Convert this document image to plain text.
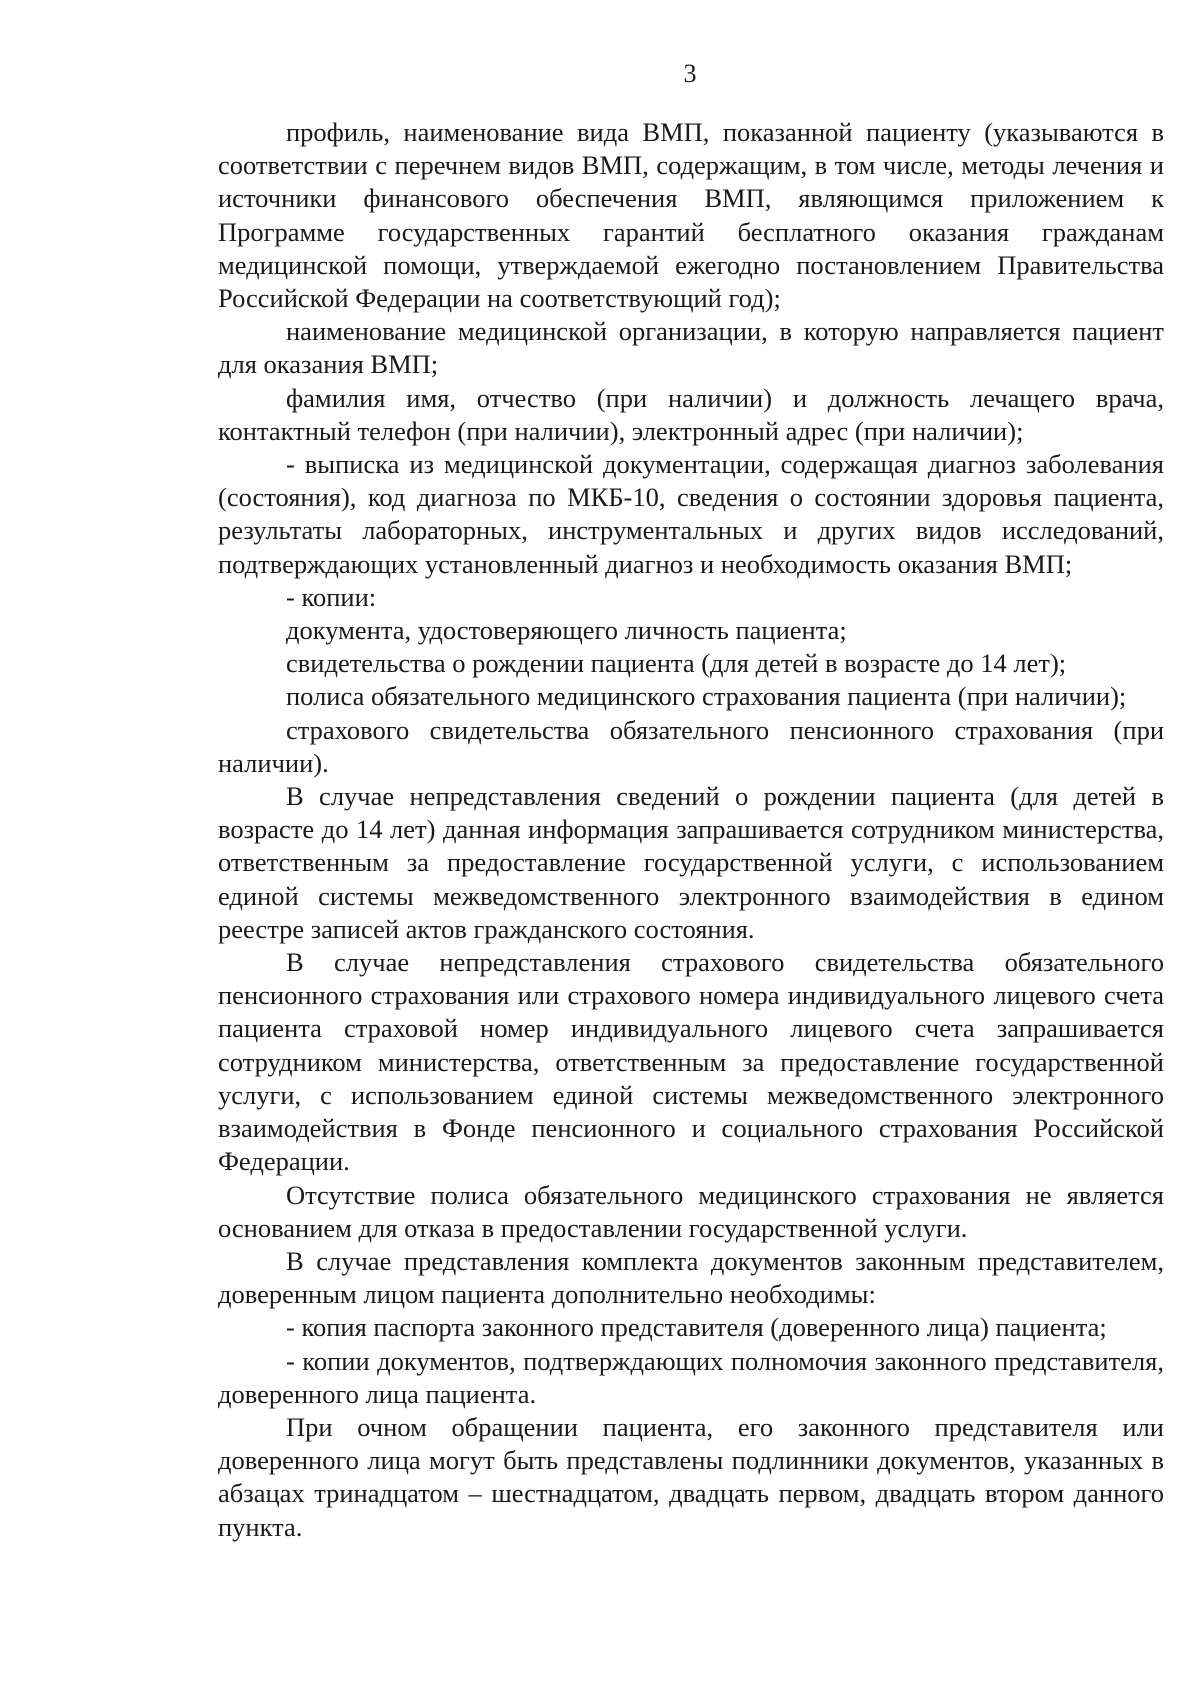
3

профиль, наименование вида ВМП, показанной пациенту (указываются в соответствии с перечнем видов ВМП, содержащим, в том числе, методы лечения и источники финансового обеспечения ВМП, являющимся приложением к Программе государственных гарантий бесплатного оказания гражданам медицинской помощи, утверждаемой ежегодно постановлением Правительства Российской Федерации на соответствующий год);

наименование медицинской организации, в которую направляется пациент для оказания ВМП;

фамилия имя, отчество (при наличии) и должность лечащего врача, контактный телефон (при наличии), электронный адрес (при наличии);

- выписка из медицинской документации, содержащая диагноз заболевания (состояния), код диагноза по МКБ-10, сведения о состоянии здоровья пациента, результаты лабораторных, инструментальных и других видов исследований, подтверждающих установленный диагноз и необходимость оказания ВМП;

- копии:

документа, удостоверяющего личность пациента;

свидетельства о рождении пациента (для детей в возрасте до 14 лет);

полиса обязательного медицинского страхования пациента (при наличии);

страхового свидетельства обязательного пенсионного страхования (при наличии).

В случае непредставления сведений о рождении пациента (для детей в возрасте до 14 лет) данная информация запрашивается сотрудником министерства, ответственным за предоставление государственной услуги, с использованием единой системы межведомственного электронного взаимодействия в едином реестре записей актов гражданского состояния.

В случае непредставления страхового свидетельства обязательного пенсионного страхования или страхового номера индивидуального лицевого счета пациента страховой номер индивидуального лицевого счета запрашивается сотрудником министерства, ответственным за предоставление государственной услуги, с использованием единой системы межведомственного электронного взаимодействия в Фонде пенсионного и социального страхования Российской Федерации.

Отсутствие полиса обязательного медицинского страхования не является основанием для отказа в предоставлении государственной услуги.

В случае представления комплекта документов законным представителем, доверенным лицом пациента дополнительно необходимы:

- копия паспорта законного представителя (доверенного лица) пациента;

- копии документов, подтверждающих полномочия законного представителя, доверенного лица пациента.

При очном обращении пациента, его законного представителя или доверенного лица могут быть представлены подлинники документов, указанных в абзацах тринадцатом – шестнадцатом, двадцать первом, двадцать втором данного пункта.
